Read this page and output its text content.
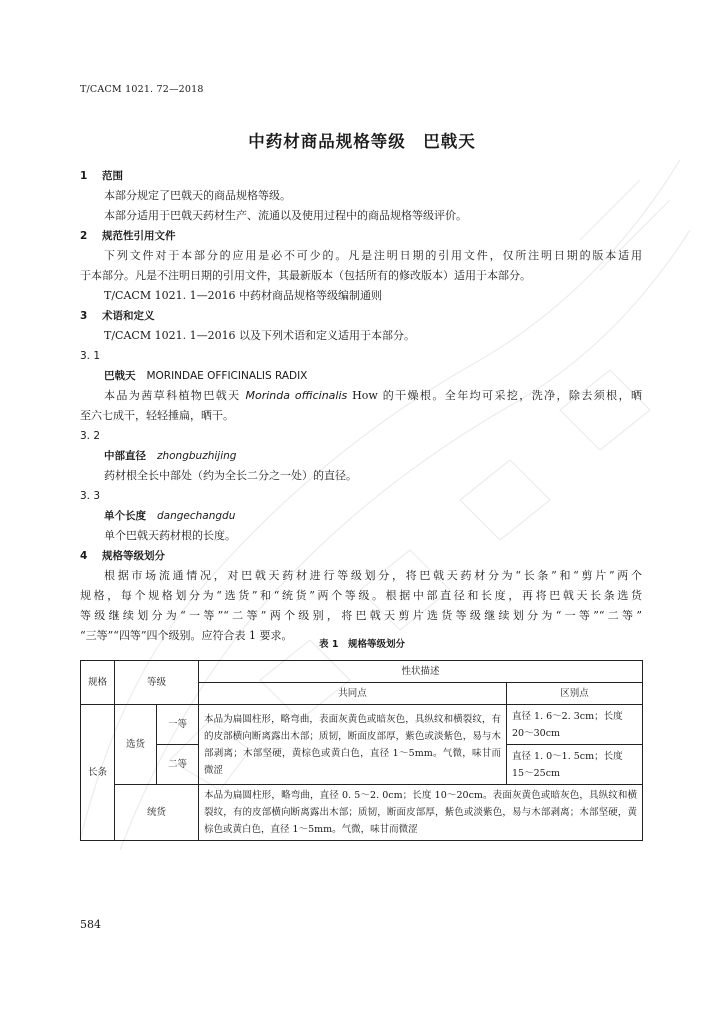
T/CACM 1021. 72—2018
中药材商品规格等级　巴戟天
1 范围
本部分规定了巴戟天的商品规格等级。
本部分适用于巴戟天药材生产、流通以及使用过程中的商品规格等级评价。
2 规范性引用文件
下列文件对于本部分的应用是必不可少的。凡是注明日期的引用文件，仅所注明日期的版本适用
于本部分。凡是不注明日期的引用文件，其最新版本（包括所有的修改版本）适用于本部分。
T/CACM 1021. 1—2016 中药材商品规格等级编制通则
3 术语和定义
T/CACM 1021. 1—2016 以及下列术语和定义适用于本部分。
3. 1
巴戟天 MORINDAE OFFICINALIS RADIX
本品为茜草科植物巴戟天 Morinda officinalis How 的干燥根。全年均可采挖，洗净，除去须根，晒
至六七成干，轻轻捶扁，晒干。
3. 2
中部直径 zhongbuzhijing
药材根全长中部处（约为全长二分之一处）的直径。
3. 3
单个长度 dangechangdu
单个巴戟天药材根的长度。
4 规格等级划分
根据市场流通情况，对巴戟天药材进行等级划分，将巴戟天药材分为“长条”和“剪片”两个
规格，每个规格划分为“选货”和“统货”两个等级。根据中部直径和长度，再将巴戟天长条选货
等级继续划分为“一等”“二等”两个级别，将巴戟天剪片选货等级继续划分为“一等”“二等”
“三等”“四等”四个级别。应符合表 1 要求。
表 1　规格等级划分
规格	等级		性状描述	
			共同点	区别点
长条	选货	一等	本品为扁圆柱形，略弯曲，表面灰黄色或暗灰色，具纵纹和横裂纹，有的皮部横向断离露出木部；质韧，断面皮部厚，紫色或淡紫色，易与木部剥离；木部坚硬，黄棕色或黄白色，直径 1～5mm。气微，味甘而微涩	直径 1. 6～2. 3cm；长度 20～30cm
		二等		直径 1. 0～1. 5cm；长度 15～25cm
	统货		本品为扁圆柱形，略弯曲，直径 0. 5～2. 0cm；长度 10～20cm。表面灰黄色或暗灰色，具纵纹和横裂纹，有的皮部横向断离露出木部；质韧，断面皮部厚，紫色或淡紫色，易与木部剥离；木部坚硬，黄棕色或黄白色，直径 1～5mm。气微，味甘而微涩	
584
